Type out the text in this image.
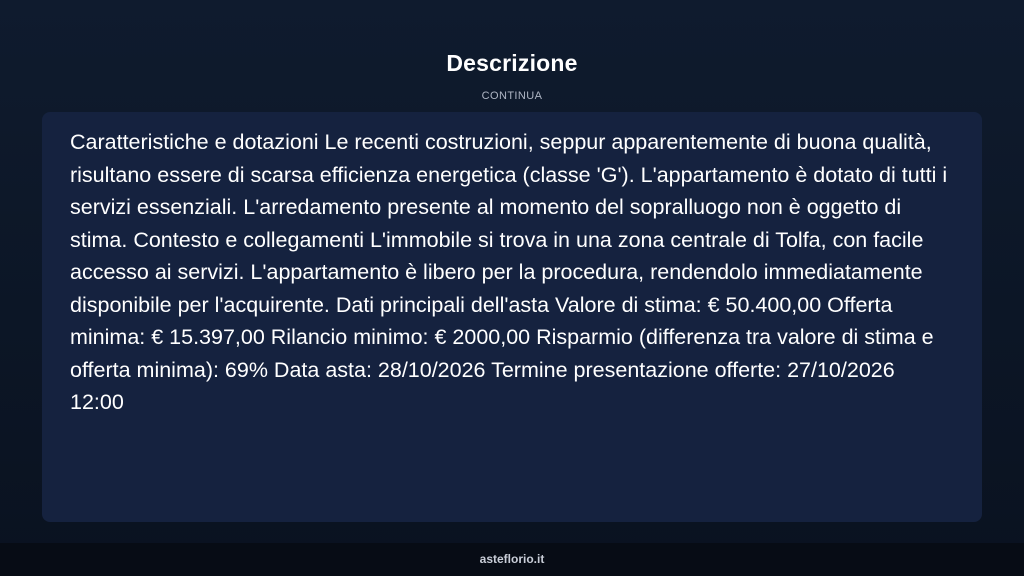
Descrizione
CONTINUA

Caratteristiche e dotazioni Le recenti costruzioni, seppur apparentemente di buona qualità, risultano essere di scarsa efficienza energetica (classe 'G'). L'appartamento è dotato di tutti i servizi essenziali. L'arredamento presente al momento del sopralluogo non è oggetto di stima. Contesto e collegamenti L'immobile si trova in una zona centrale di Tolfa, con facile accesso ai servizi. L'appartamento è libero per la procedura, rendendolo immediatamente disponibile per l'acquirente. Dati principali dell'asta Valore di stima: € 50.400,00 Offerta minima: € 15.397,00 Rilancio minimo: € 2000,00 Risparmio (differenza tra valore di stima e offerta minima): 69% Data asta: 28/10/2026 Termine presentazione offerte: 27/10/2026 12:00

asteflorio.it
